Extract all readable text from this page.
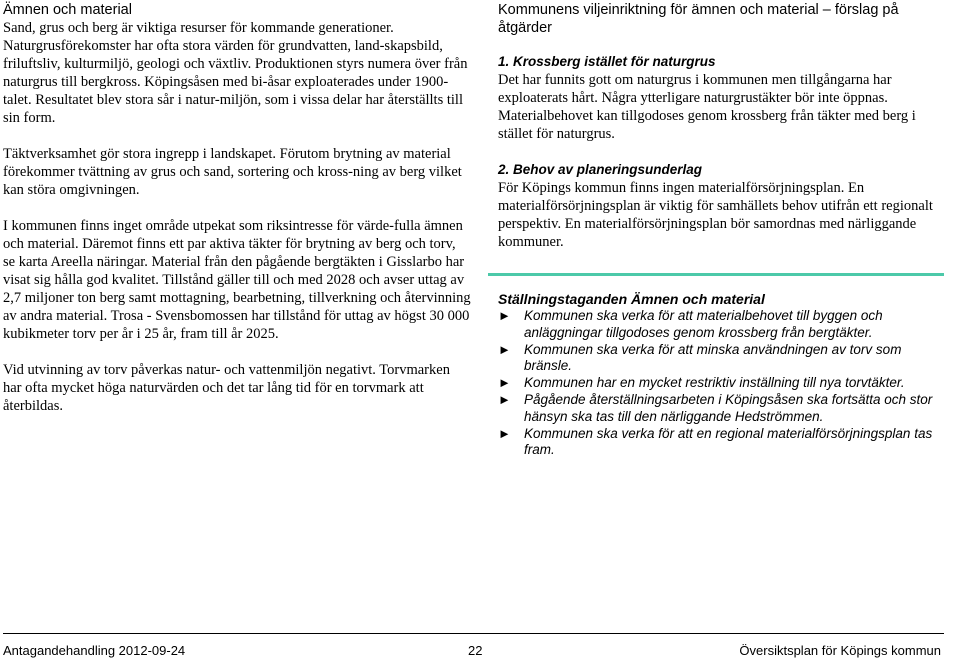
Ämnen och material

Sand, grus och berg är viktiga resurser för kommande generationer. Naturgrusförekomster har ofta stora värden för grundvatten, land-skapsbild, friluftsliv, kulturmiljö, geologi och växtliv. Produktionen styrs numera över från naturgrus till bergkross. Köpingsåsen med bi-åsar exploaterades under 1900-talet. Resultatet blev stora sår i natur-miljön, som i vissa delar har återställts till sin form.

Täktverksamhet gör stora ingrepp i landskapet. Förutom brytning av material förekommer tvättning av grus och sand, sortering och kross-ning av berg vilket kan störa omgivningen.

I kommunen finns inget område utpekat som riksintresse för värde-fulla ämnen och material. Däremot finns ett par aktiva täkter för brytning av berg och torv, se karta Areella näringar. Material från den pågående bergtäkten i Gisslarbo har visat sig hålla god kvalitet. Tillstånd gäller till och med 2028 och avser uttag av 2,7 miljoner ton berg samt mottagning, bearbetning, tillverkning och återvinning av andra material. Trosa - Svensbomossen har tillstånd för uttag av högst 30 000 kubikmeter torv per år i 25 år, fram till år 2025.

Vid utvinning av torv påverkas natur- och vattenmiljön negativt. Torvmarken har ofta mycket höga naturvärden och det tar lång tid för en torvmark att återbildas.

Kommunens viljeinriktning för ämnen och material – förslag på åtgärder
1. Krossberg istället för naturgrus

Det har funnits gott om naturgrus i kommunen men tillgångarna har exploaterats hårt. Några ytterligare naturgrustäkter bör inte öppnas. Materialbehovet kan tillgodoses genom krossberg från täkter med berg i stället för naturgrus.

2. Behov av planeringsunderlag

För Köpings kommun finns ingen materialförsörjningsplan. En materialförsörjningsplan är viktig för samhällets behov utifrån ett regionalt perspektiv. En materialförsörjningsplan bör samordnas med närliggande kommuner.

Ställningstaganden Ämnen och material
► Kommunen ska verka för att materialbehovet till byggen och anläggningar tillgodoses genom krossberg från bergtäkter.
► Kommunen ska verka för att minska användningen av torv som bränsle.
► Kommunen har en mycket restriktiv inställning till nya torvtäkter.
► Pågående återställningsarbeten i Köpingsåsen ska fortsätta och stor hänsyn ska tas till den närliggande Hedströmmen.
► Kommunen ska verka för att en regional materialförsörjningsplan tas fram.
Antagandehandling 2012-09-24	22	Översiktsplan för Köpings kommun
